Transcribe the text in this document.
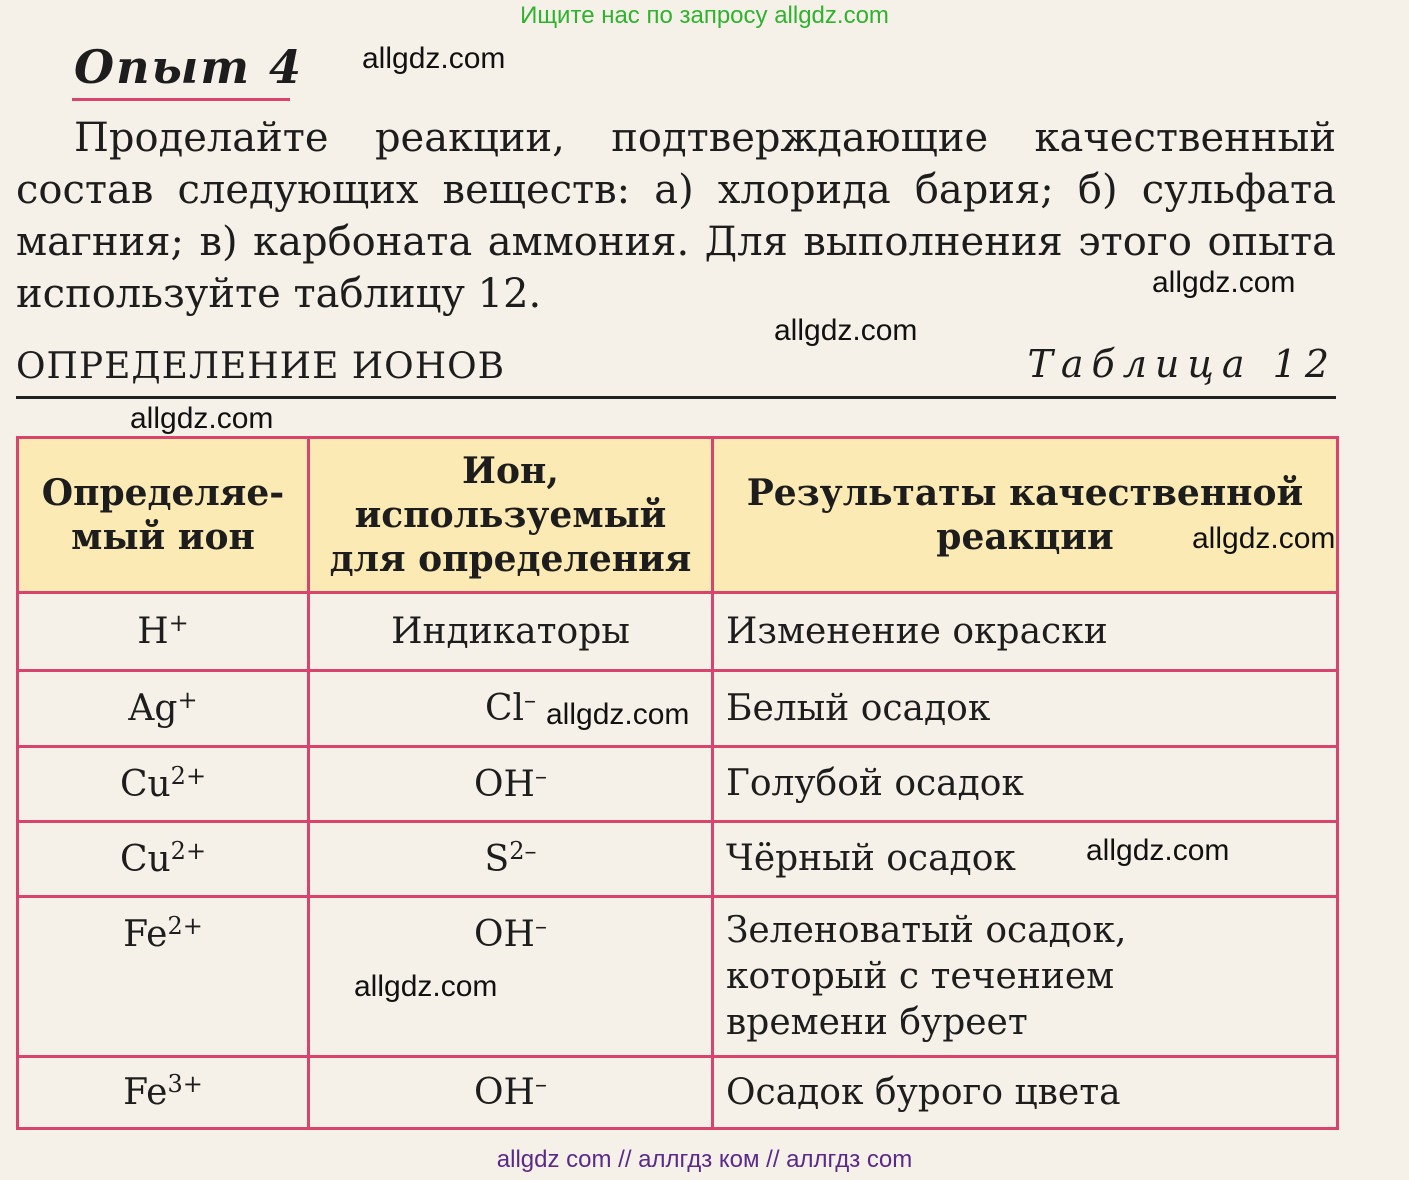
Ищите нас по запросу allgdz.com
Опыт 4
Проделайте реакции, подтверждающие качественный состав следующих веществ: а) хлорида бария; б) сульфата магния; в) карбоната аммония. Для выполнения этого опыта используйте таблицу 12.
ОПРЕДЕЛЕНИЕ ИОНОВ	Таблица 12
Определяе-мый ион	Ион, используемый для определения	Результаты качественной реакции
H+	Индикаторы	Изменение окраски
Ag+	Cl–	Белый осадок
$Cu^{2+}$	OH–	Голубой осадок
$Cu^{2+}$	$S^{2-}$	Чёрный осадок
$Fe^{2+}$	OH–	Зеленоватый осадок, который с течением времени буреет
$Fe^{3+}$	OH–	Осадок бурого цвета
allgdz.com
allgdz.com
allgdz.com
allgdz.com
allgdz.com
allgdz.com
allgdz.com
allgdz.com
allgdz com // аллгдз ком // аллгдз com
